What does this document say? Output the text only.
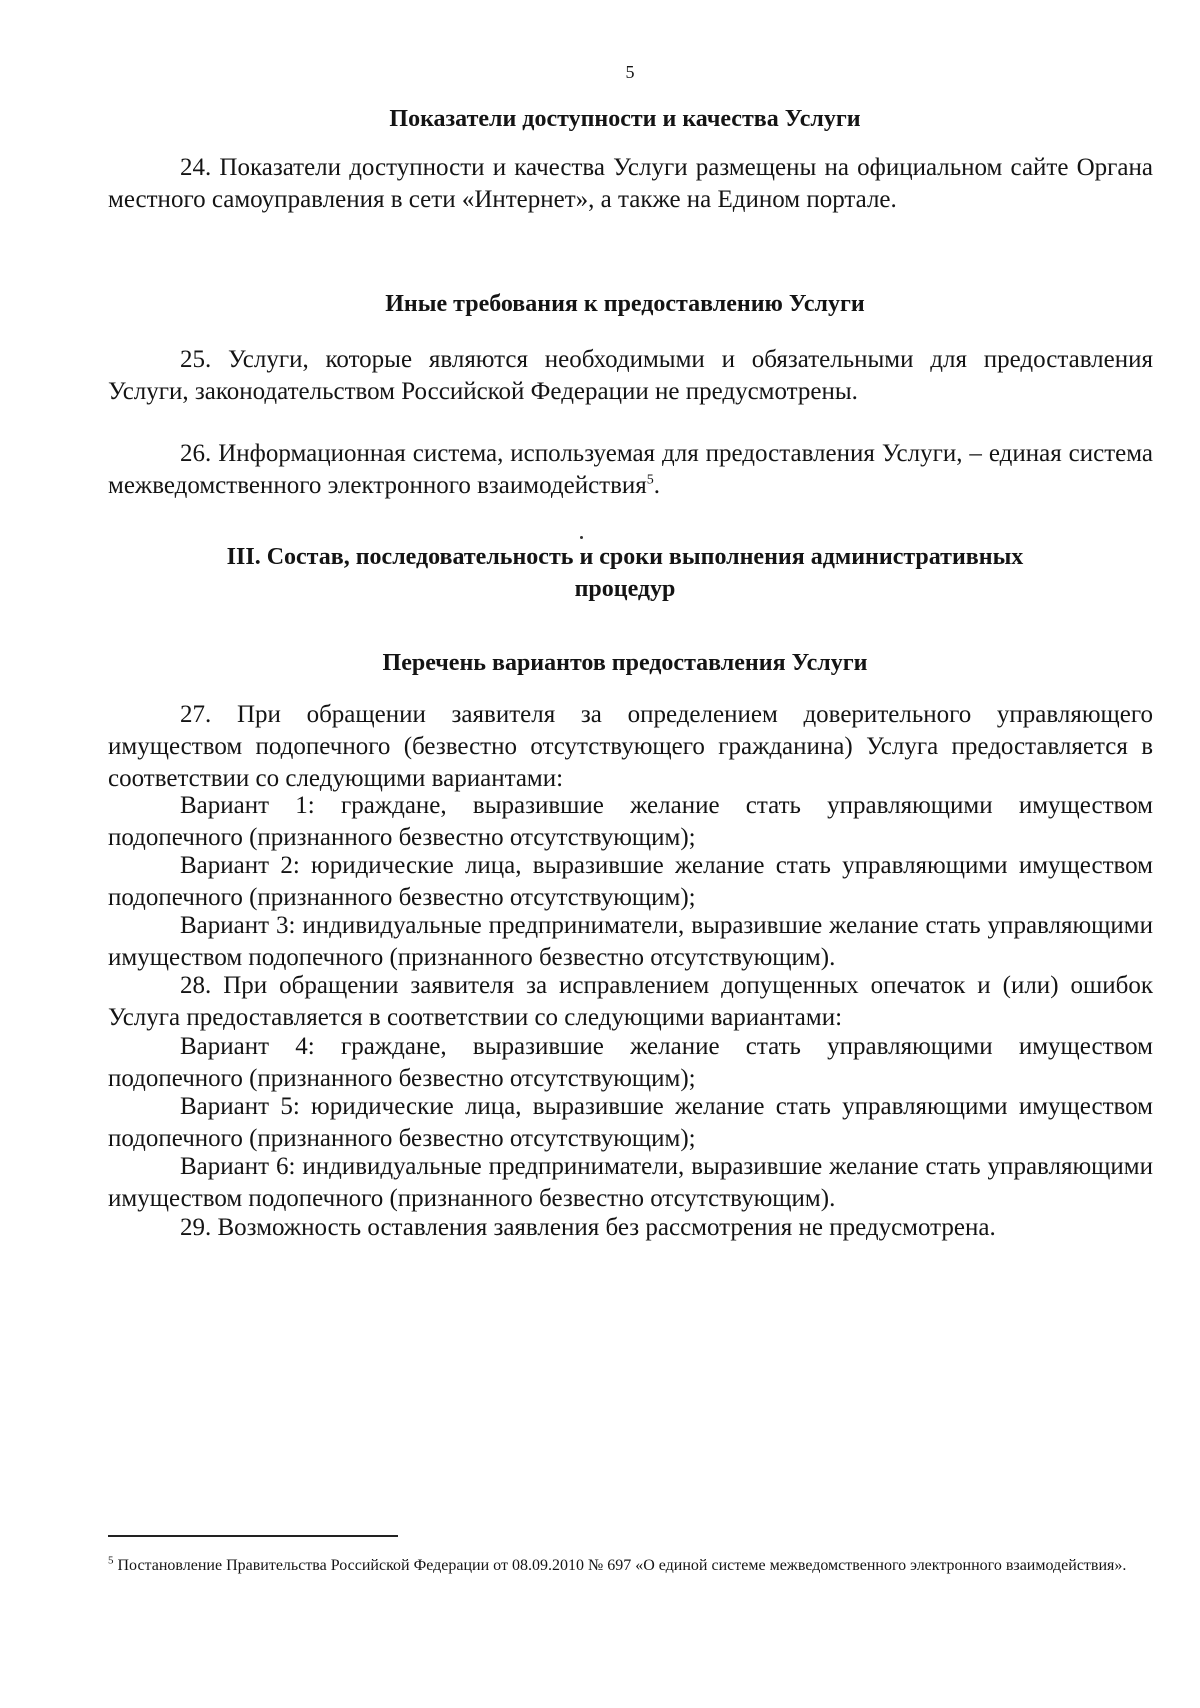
5
Показатели доступности и качества Услуги
24. Показатели доступности и качества Услуги размещены на официальном сайте Органа местного самоуправления в сети «Интернет», а также на Едином портале.
Иные требования к предоставлению Услуги
25. Услуги, которые являются необходимыми и обязательными для предоставления Услуги, законодательством Российской Федерации не предусмотрены.
26. Информационная система, используемая для предоставления Услуги, – единая система межведомственного электронного взаимодействия$^5$.
III. Состав, последовательность и сроки выполнения административных
процедур
Перечень вариантов предоставления Услуги
27. При обращении заявителя за определением доверительного управляющего имуществом подопечного (безвестно отсутствующего гражданина) Услуга предоставляется в соответствии со следующими вариантами:
Вариант 1: граждане, выразившие желание стать управляющими имуществом подопечного (признанного безвестно отсутствующим);
Вариант 2: юридические лица, выразившие желание стать управляющими имуществом подопечного (признанного безвестно отсутствующим);
Вариант 3: индивидуальные предприниматели, выразившие желание стать управляющими имуществом подопечного (признанного безвестно отсутствующим).
28. При обращении заявителя за исправлением допущенных опечаток и (или) ошибок Услуга предоставляется в соответствии со следующими вариантами:
Вариант 4: граждане, выразившие желание стать управляющими имуществом подопечного (признанного безвестно отсутствующим);
Вариант 5: юридические лица, выразившие желание стать управляющими имуществом подопечного (признанного безвестно отсутствующим);
Вариант 6: индивидуальные предприниматели, выразившие желание стать управляющими имуществом подопечного (признанного безвестно отсутствующим).
29. Возможность оставления заявления без рассмотрения не предусмотрена.
$^5$ Постановление Правительства Российской Федерации от 08.09.2010 № 697 «О единой системе межведомственного электронного взаимодействия».
